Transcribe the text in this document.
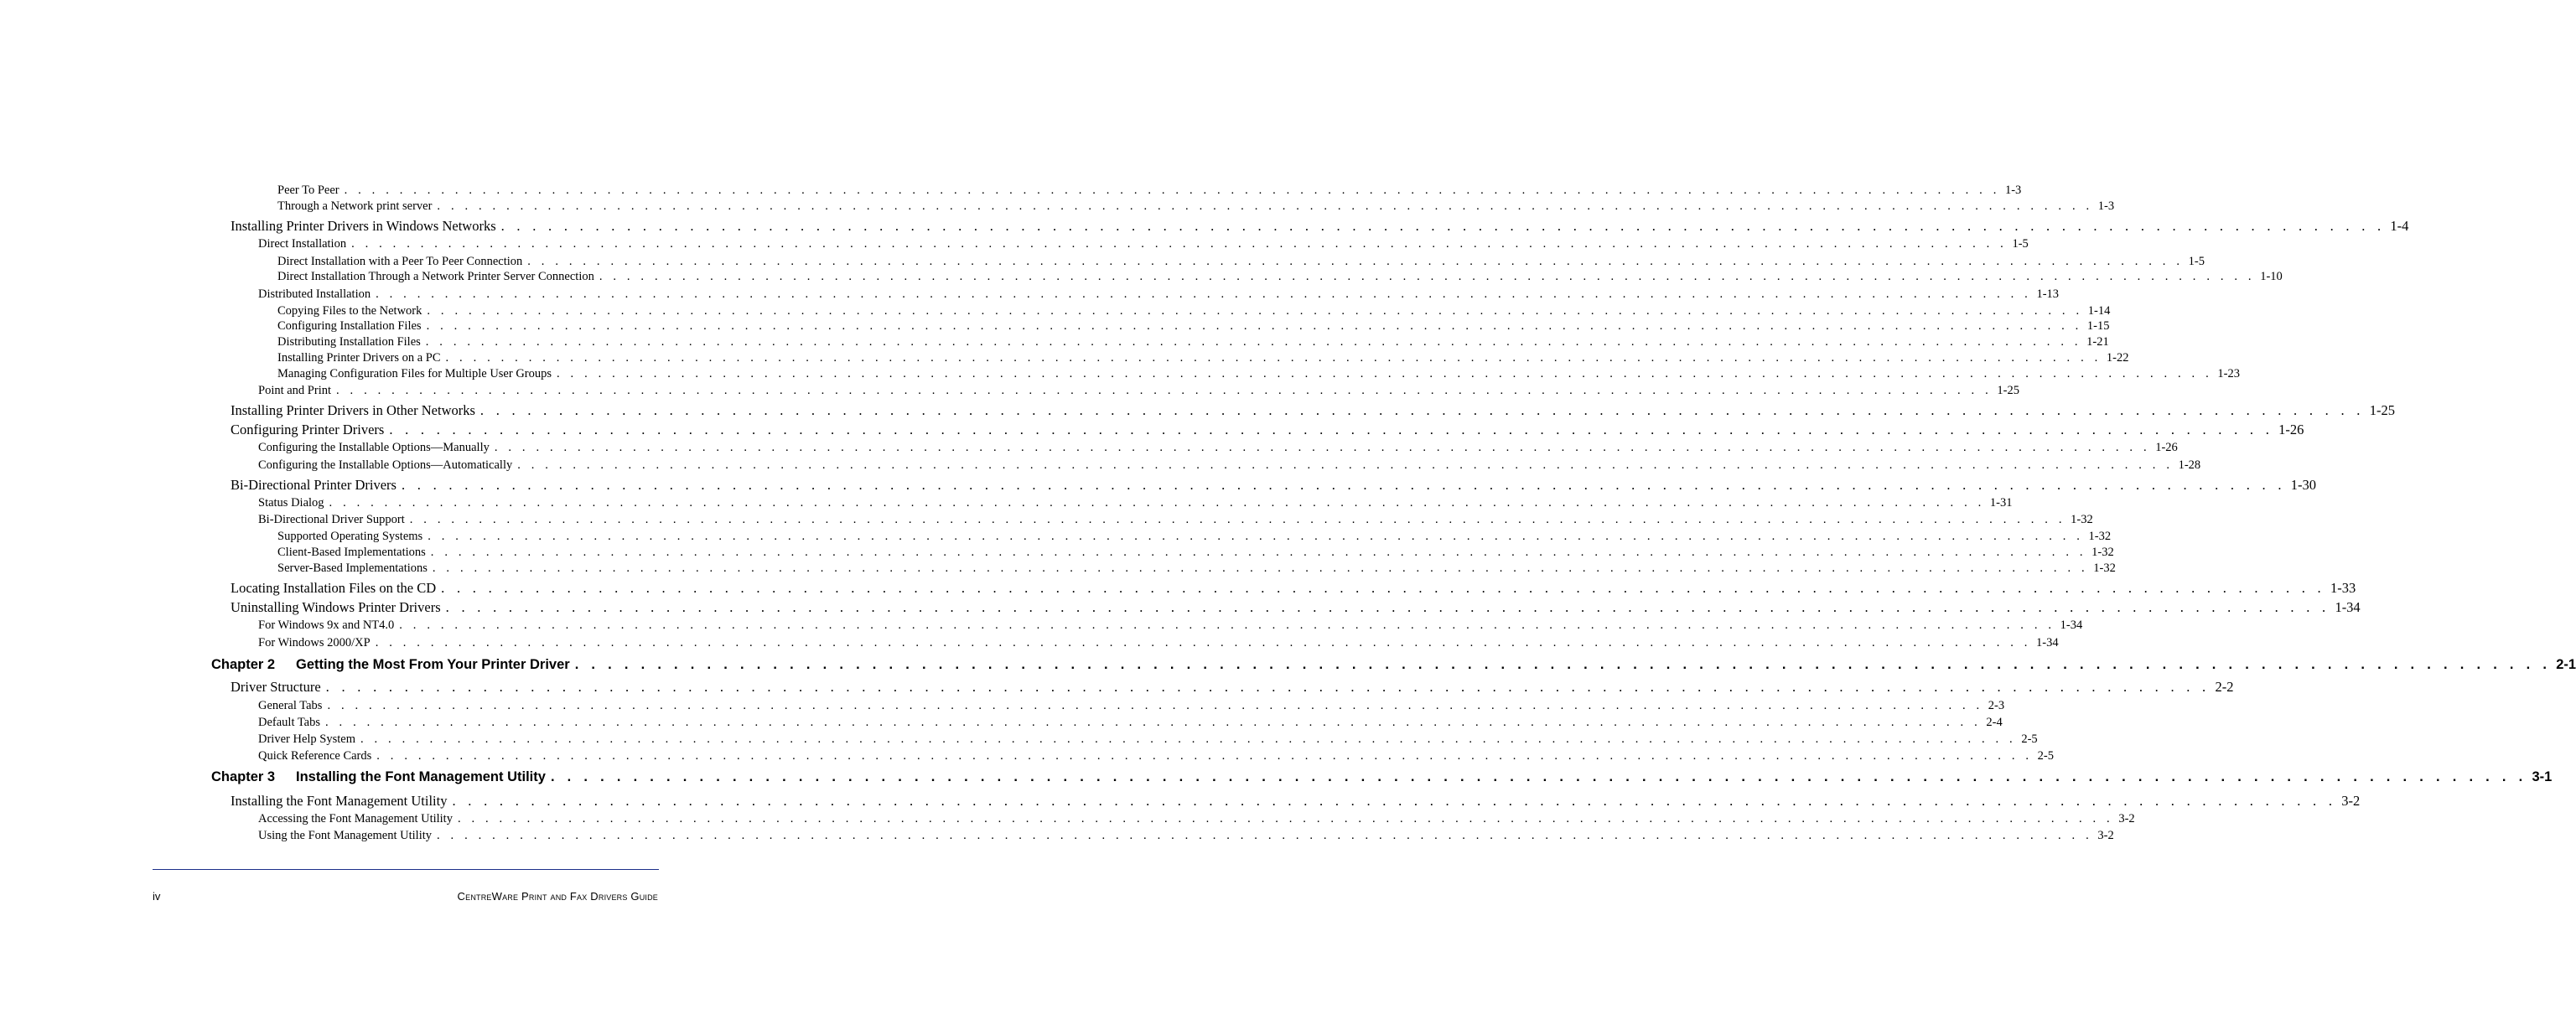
Peer To Peer . . . . . . . . . . . . . . . . . . . . . . . . . . . . . . . . . . . . . . . . . . . . . . . . . . . . . . . . . . . . . . . . . . . . . . . . . . . . . . . . . . . . . . . . . . . . . . . . . . . . . . . . . . . . . . . . . . . . . . . . 1-3
Through a Network print server . . . . . . . . . . . . . . . . . . . . . . . . . . . . . . . . . . . . . . . . . . . . . . . . . . . . . . . . . . . . . . . . . . . . . . . . . . . . . . . . . . . . . . . . . . . . . . . . . . . . . . . . . . . . . . . . . . . . . . . . 1-3
Installing Printer Drivers in Windows Networks . . . . . . . . . . . . . . . . . . . . . . . . . . . . . . . . . . . . . . . . . . . . . . . . . . . . . . . . . . . . . . . . . . . . . . . . . . . . . . . . . . . . . . . . . . . . . . . . . . . . . . . . . . . . . . . . . . . . . . . . 1-4
Direct Installation . . . . . . . . . . . . . . . . . . . . . . . . . . . . . . . . . . . . . . . . . . . . . . . . . . . . . . . . . . . . . . . . . . . . . . . . . . . . . . . . . . . . . . . . . . . . . . . . . . . . . . . . . . . . . . . . . . . . . . . . 1-5
Direct Installation with a Peer To Peer Connection . . . . . . . . . . . . . . . . . . . . . . . . . . . . . . . . . . . . . . . . . . . . . . . . . . . . . . . . . . . . . . . . . . . . . . . . . . . . . . . . . . . . . . . . . . . . . . . . . . . . . . . . . . . . . . . . . . . . . . . . 1-5
Direct Installation Through a Network Printer Server Connection . . . . . . . . . . . . . . . . . . . . . . . . . . . . . . . . . . . . . . . . . . . . . . . . . . . . . . . . . . . . . . . . . . . . . . . . . . . . . . . . . . . . . . . . . . . . . . . . . . . . . . . . . . . . . . . . . . . . . . . . 1-10
Distributed Installation . . . . . . . . . . . . . . . . . . . . . . . . . . . . . . . . . . . . . . . . . . . . . . . . . . . . . . . . . . . . . . . . . . . . . . . . . . . . . . . . . . . . . . . . . . . . . . . . . . . . . . . . . . . . . . . . . . . . . . . . 1-13
Copying Files to the Network . . . . . . . . . . . . . . . . . . . . . . . . . . . . . . . . . . . . . . . . . . . . . . . . . . . . . . . . . . . . . . . . . . . . . . . . . . . . . . . . . . . . . . . . . . . . . . . . . . . . . . . . . . . . . . . . . . . . . . . . 1-14
Configuring Installation Files . . . . . . . . . . . . . . . . . . . . . . . . . . . . . . . . . . . . . . . . . . . . . . . . . . . . . . . . . . . . . . . . . . . . . . . . . . . . . . . . . . . . . . . . . . . . . . . . . . . . . . . . . . . . . . . . . . . . . . . . 1-15
Distributing Installation Files . . . . . . . . . . . . . . . . . . . . . . . . . . . . . . . . . . . . . . . . . . . . . . . . . . . . . . . . . . . . . . . . . . . . . . . . . . . . . . . . . . . . . . . . . . . . . . . . . . . . . . . . . . . . . . . . . . . . . . . . 1-21
Installing Printer Drivers on a PC . . . . . . . . . . . . . . . . . . . . . . . . . . . . . . . . . . . . . . . . . . . . . . . . . . . . . . . . . . . . . . . . . . . . . . . . . . . . . . . . . . . . . . . . . . . . . . . . . . . . . . . . . . . . . . . . . . . . . . . . 1-22
Managing Configuration Files for Multiple User Groups . . . . . . . . . . . . . . . . . . . . . . . . . . . . . . . . . . . . . . . . . . . . . . . . . . . . . . . . . . . . . . . . . . . . . . . . . . . . . . . . . . . . . . . . . . . . . . . . . . . . . . . . . . . . . . . . . . . . . . . . 1-23
Point and Print . . . . . . . . . . . . . . . . . . . . . . . . . . . . . . . . . . . . . . . . . . . . . . . . . . . . . . . . . . . . . . . . . . . . . . . . . . . . . . . . . . . . . . . . . . . . . . . . . . . . . . . . . . . . . . . . . . . . . . . . 1-25
Installing Printer Drivers in Other Networks . . . . . . . . . . . . . . . . . . . . . . . . . . . . . . . . . . . . . . . . . . . . . . . . . . . . . . . . . . . . . . . . . . . . . . . . . . . . . . . . . . . . . . . . . . . . . . . . . . . . . . . . . . . . . . . . . . . . . . . . 1-25
Configuring Printer Drivers . . . . . . . . . . . . . . . . . . . . . . . . . . . . . . . . . . . . . . . . . . . . . . . . . . . . . . . . . . . . . . . . . . . . . . . . . . . . . . . . . . . . . . . . . . . . . . . . . . . . . . . . . . . . . . . . . . . . . . . . 1-26
Configuring the Installable Options—Manually . . . . . . . . . . . . . . . . . . . . . . . . . . . . . . . . . . . . . . . . . . . . . . . . . . . . . . . . . . . . . . . . . . . . . . . . . . . . . . . . . . . . . . . . . . . . . . . . . . . . . . . . . . . . . . . . . . . . . . . . 1-26
Configuring the Installable Options—Automatically . . . . . . . . . . . . . . . . . . . . . . . . . . . . . . . . . . . . . . . . . . . . . . . . . . . . . . . . . . . . . . . . . . . . . . . . . . . . . . . . . . . . . . . . . . . . . . . . . . . . . . . . . . . . . . . . . . . . . . . . 1-28
Bi-Directional Printer Drivers . . . . . . . . . . . . . . . . . . . . . . . . . . . . . . . . . . . . . . . . . . . . . . . . . . . . . . . . . . . . . . . . . . . . . . . . . . . . . . . . . . . . . . . . . . . . . . . . . . . . . . . . . . . . . . . . . . . . . . . . 1-30
Status Dialog . . . . . . . . . . . . . . . . . . . . . . . . . . . . . . . . . . . . . . . . . . . . . . . . . . . . . . . . . . . . . . . . . . . . . . . . . . . . . . . . . . . . . . . . . . . . . . . . . . . . . . . . . . . . . . . . . . . . . . . . 1-31
Bi-Directional Driver Support . . . . . . . . . . . . . . . . . . . . . . . . . . . . . . . . . . . . . . . . . . . . . . . . . . . . . . . . . . . . . . . . . . . . . . . . . . . . . . . . . . . . . . . . . . . . . . . . . . . . . . . . . . . . . . . . . . . . . . . . 1-32
Supported Operating Systems . . . . . . . . . . . . . . . . . . . . . . . . . . . . . . . . . . . . . . . . . . . . . . . . . . . . . . . . . . . . . . . . . . . . . . . . . . . . . . . . . . . . . . . . . . . . . . . . . . . . . . . . . . . . . . . . . . . . . . . . 1-32
Client-Based Implementations . . . . . . . . . . . . . . . . . . . . . . . . . . . . . . . . . . . . . . . . . . . . . . . . . . . . . . . . . . . . . . . . . . . . . . . . . . . . . . . . . . . . . . . . . . . . . . . . . . . . . . . . . . . . . . . . . . . . . . . . 1-32
Server-Based Implementations . . . . . . . . . . . . . . . . . . . . . . . . . . . . . . . . . . . . . . . . . . . . . . . . . . . . . . . . . . . . . . . . . . . . . . . . . . . . . . . . . . . . . . . . . . . . . . . . . . . . . . . . . . . . . . . . . . . . . . . . 1-32
Locating Installation Files on the CD . . . . . . . . . . . . . . . . . . . . . . . . . . . . . . . . . . . . . . . . . . . . . . . . . . . . . . . . . . . . . . . . . . . . . . . . . . . . . . . . . . . . . . . . . . . . . . . . . . . . . . . . . . . . . . . . . . . . . . . . 1-33
Uninstalling Windows Printer Drivers . . . . . . . . . . . . . . . . . . . . . . . . . . . . . . . . . . . . . . . . . . . . . . . . . . . . . . . . . . . . . . . . . . . . . . . . . . . . . . . . . . . . . . . . . . . . . . . . . . . . . . . . . . . . . . . . . . . . . . . . 1-34
For Windows 9x and NT4.0 . . . . . . . . . . . . . . . . . . . . . . . . . . . . . . . . . . . . . . . . . . . . . . . . . . . . . . . . . . . . . . . . . . . . . . . . . . . . . . . . . . . . . . . . . . . . . . . . . . . . . . . . . . . . . . . . . . . . . . . . 1-34
For Windows 2000/XP . . . . . . . . . . . . . . . . . . . . . . . . . . . . . . . . . . . . . . . . . . . . . . . . . . . . . . . . . . . . . . . . . . . . . . . . . . . . . . . . . . . . . . . . . . . . . . . . . . . . . . . . . . . . . . . . . . . . . . . . 1-34
Chapter 2	Getting the Most From Your Printer Driver . . . . . . . . . . . . . . . . . . . . . . . . . . . . . . . . . . . . . . . . . . . . . . . . . . . . . . . . . . . . . . . . . . . . . . . . . . . . . . . . . . . . . . . . . . . . . . . . . . . . . . . . . . . . . . . . . . . . . . . . 2-1
Driver Structure . . . . . . . . . . . . . . . . . . . . . . . . . . . . . . . . . . . . . . . . . . . . . . . . . . . . . . . . . . . . . . . . . . . . . . . . . . . . . . . . . . . . . . . . . . . . . . . . . . . . . . . . . . . . . . . . . . . . . . . . 2-2
General Tabs . . . . . . . . . . . . . . . . . . . . . . . . . . . . . . . . . . . . . . . . . . . . . . . . . . . . . . . . . . . . . . . . . . . . . . . . . . . . . . . . . . . . . . . . . . . . . . . . . . . . . . . . . . . . . . . . . . . . . . . . 2-3
Default Tabs . . . . . . . . . . . . . . . . . . . . . . . . . . . . . . . . . . . . . . . . . . . . . . . . . . . . . . . . . . . . . . . . . . . . . . . . . . . . . . . . . . . . . . . . . . . . . . . . . . . . . . . . . . . . . . . . . . . . . . . . 2-4
Driver Help System . . . . . . . . . . . . . . . . . . . . . . . . . . . . . . . . . . . . . . . . . . . . . . . . . . . . . . . . . . . . . . . . . . . . . . . . . . . . . . . . . . . . . . . . . . . . . . . . . . . . . . . . . . . . . . . . . . . . . . . . 2-5
Quick Reference Cards . . . . . . . . . . . . . . . . . . . . . . . . . . . . . . . . . . . . . . . . . . . . . . . . . . . . . . . . . . . . . . . . . . . . . . . . . . . . . . . . . . . . . . . . . . . . . . . . . . . . . . . . . . . . . . . . . . . . . . . . 2-5
Chapter 3	Installing the Font Management Utility . . . . . . . . . . . . . . . . . . . . . . . . . . . . . . . . . . . . . . . . . . . . . . . . . . . . . . . . . . . . . . . . . . . . . . . . . . . . . . . . . . . . . . . . . . . . . . . . . . . . . . . . . . . . . . . . . . . . . . . . 3-1
Installing the Font Management Utility . . . . . . . . . . . . . . . . . . . . . . . . . . . . . . . . . . . . . . . . . . . . . . . . . . . . . . . . . . . . . . . . . . . . . . . . . . . . . . . . . . . . . . . . . . . . . . . . . . . . . . . . . . . . . . . . . . . . . . . . 3-2
Accessing the Font Management Utility . . . . . . . . . . . . . . . . . . . . . . . . . . . . . . . . . . . . . . . . . . . . . . . . . . . . . . . . . . . . . . . . . . . . . . . . . . . . . . . . . . . . . . . . . . . . . . . . . . . . . . . . . . . . . . . . . . . . . . . . 3-2
Using the Font Management Utility . . . . . . . . . . . . . . . . . . . . . . . . . . . . . . . . . . . . . . . . . . . . . . . . . . . . . . . . . . . . . . . . . . . . . . . . . . . . . . . . . . . . . . . . . . . . . . . . . . . . . . . . . . . . . . . . . . . . . . . . 3-2
iv	CentreWare Print and Fax Drivers Guide
